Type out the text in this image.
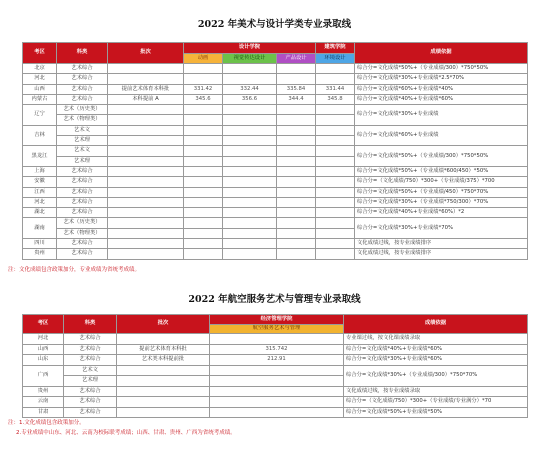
2022 年美术与设计学类专业录取线
考区	科类	批次	设计学院			建筑学院	成绩依据
			动画	视觉传达设计	产品设计	环境设计	
北京	艺术综合						综合分=文化成绩*50%+（专业成绩/300）*750*50%
河北	艺术综合						综合分=文化成绩*30%+专业成绩*2.5*70%
山西	艺术综合	提前艺术体育本科批	331.42	332.44	335.84	331.44	综合分=文化成绩*60%+专业成绩*40%
内蒙古	艺术综合	本科提前 A	345.6	356.6	344.4	345.8	综合分=文化成绩*40%+专业成绩*60%
辽宁	艺术（历史类）						综合分=文化成绩*30%+专业成绩
	艺术（物理类）						
吉林	艺术文						综合分=文化成绩*60%+专业成绩
	艺术理						
黑龙江	艺术文						综合分=文化成绩*50%+（专业成绩/300）*750*50%
	艺术理						
上海	艺术综合						综合分=文化成绩*50%+（专业成绩*600/450）*50%
安徽	艺术综合						综合分=（文化成绩/750）*300+（专业成绩/375）*700
江西	艺术综合						综合分=文化成绩*50%+（专业成绩/450）*750*70%
河北	艺术综合						综合分=文化成绩*30%+（专业成绩*750/300）*70%
湖北	艺术综合						综合分=文化成绩*40%+专业成绩*60%）*2
湖南	艺术（历史类）						综合分=文化成绩*30%+专业成绩*70%
	艺术（物理类）						
四川	艺术综合						文化成绩过线，按专业成绩排序
贵州	艺术综合						文化成绩过线，按专业成绩排序
注：文化成绩包含政策加分，专业成绩为省统考成绩。
2022 年航空服务艺术与管理专业录取线
考区	科类	批次	经济管理学院	成绩依据
			航空服务艺术与管理	
河北	艺术综合			专业课过线，按文化课成绩录取
山西	艺术综合	提前艺术体育本科批	315.742	综合分=文化成绩*40%+专业成绩*60%
山东	艺术综合	艺术类本科提前批	212.91	综合分=文化成绩*30%+专业成绩*60%
广西	艺术文			综合分=文化成绩*30%+（专业成绩/300）*750*70%
	艺术理			
贵州	艺术综合			文化成绩过线，按专业成绩录取
云南	艺术综合			综合分=（文化成绩/750）*300+（专业成绩/专业满分）*70
甘肃	艺术综合			综合分=文化成绩*50%+专业成绩*50%
注：1.文化成绩包含政策加分。
2.专业成绩中山东、河北、云南为校际联考成绩；山西、甘肃、贵州、广西为省统考成绩。
